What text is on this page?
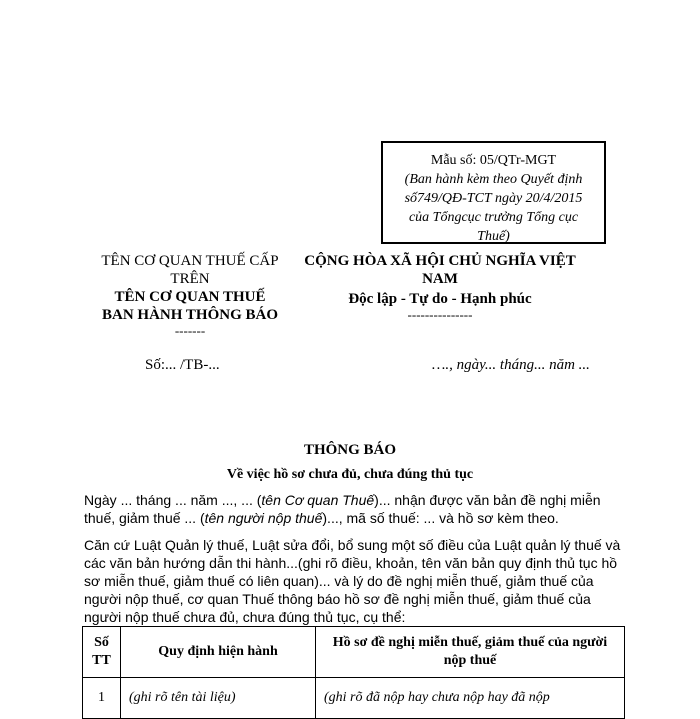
Mẫu số: 05/QTr-MGT
(Ban hành kèm theo Quyết định
số749/QĐ-TCT ngày 20/4/2015
của Tổngcục trưởng Tổng cục
Thuế)
TÊN CƠ QUAN THUẾ CẤP
TRÊN
TÊN CƠ QUAN THUẾ
BAN HÀNH THÔNG BÁO
-------
CỘNG HÒA XÃ HỘI CHỦ NGHĨA VIỆT
NAM
Độc lập - Tự do - Hạnh phúc
---------------
Số:... /TB-...	…., ngày... tháng... năm ...
THÔNG BÁO
Về việc hồ sơ chưa đủ, chưa đúng thủ tục
Ngày ... tháng ... năm ..., ... (tên Cơ quan Thuế)... nhận được văn bản đề nghị miễn thuế, giảm thuế ... (tên người nộp thuế)..., mã số thuế: ... và hồ sơ kèm theo.
Căn cứ Luật Quản lý thuế, Luật sửa đổi, bổ sung một số điều của Luật quản lý thuế và các văn bản hướng dẫn thi hành...(ghi rõ điều, khoản, tên văn bản quy định thủ tục hồ sơ miễn thuế, giảm thuế có liên quan)... và lý do đề nghị miễn thuế, giảm thuế của người nộp thuế, cơ quan Thuế thông báo hồ sơ đề nghị miễn thuế, giảm thuế của người nộp thuế chưa đủ, chưa đúng thủ tục, cụ thể:
Số TT	Quy định hiện hành	Hồ sơ đề nghị miễn thuế, giảm thuế của người nộp thuế
1	(ghi rõ tên tài liệu)	(ghi rõ đã nộp hay chưa nộp hay đã nộp
